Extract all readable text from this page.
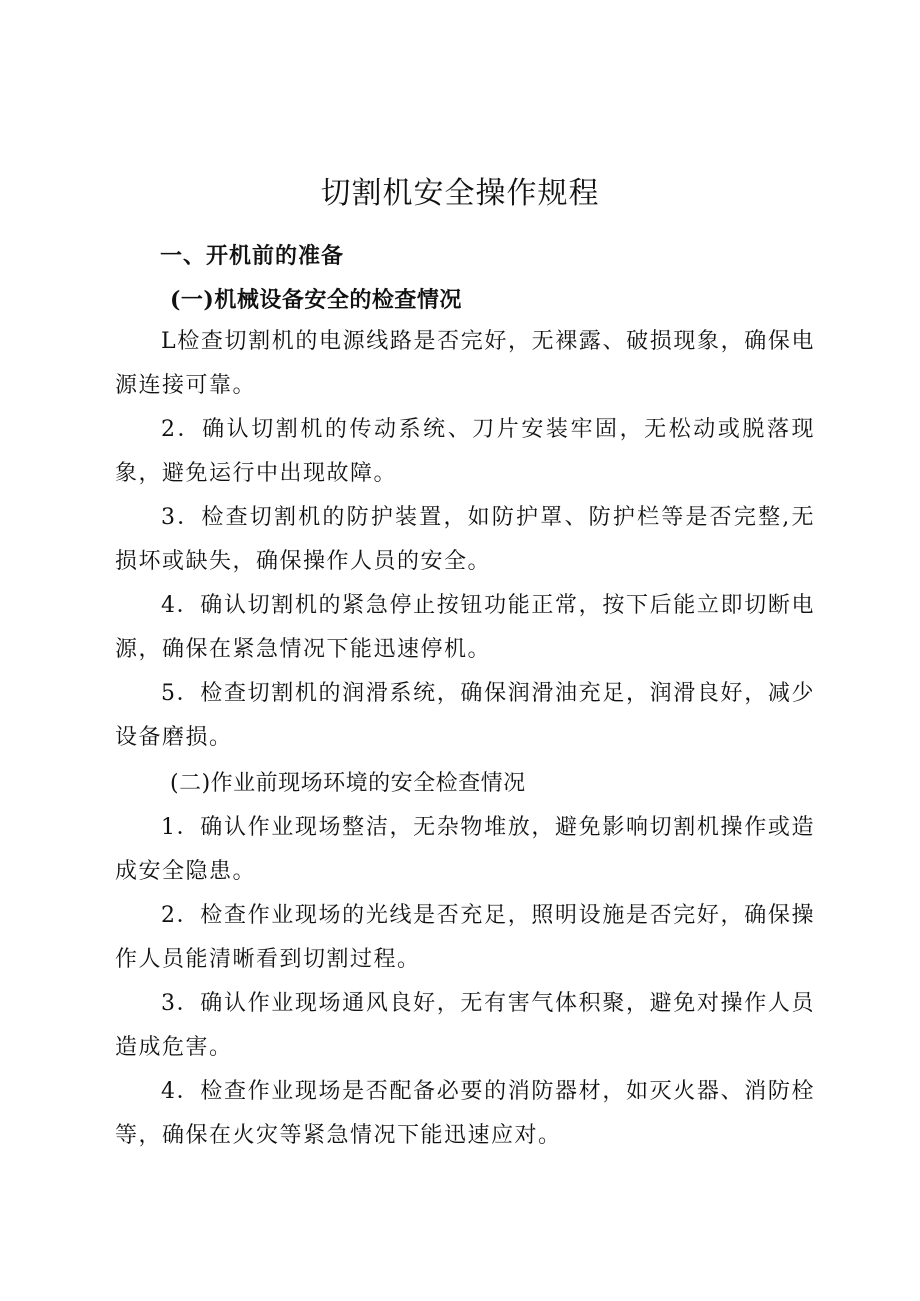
切割机安全操作规程
一、开机前的准备
(一)机械设备安全的检查情况

L检查切割机的电源线路是否完好，无裸露、破损现象，确保电源连接可靠。

2．确认切割机的传动系统、刀片安装牢固，无松动或脱落现象，避免运行中出现故障。

3．检查切割机的防护装置，如防护罩、防护栏等是否完整,无损坏或缺失，确保操作人员的安全。

4．确认切割机的紧急停止按钮功能正常，按下后能立即切断电源，确保在紧急情况下能迅速停机。

5．检查切割机的润滑系统，确保润滑油充足，润滑良好，减少设备磨损。

(二)作业前现场环境的安全检查情况

1．确认作业现场整洁，无杂物堆放，避免影响切割机操作或造成安全隐患。

2．检查作业现场的光线是否充足，照明设施是否完好，确保操作人员能清晰看到切割过程。

3．确认作业现场通风良好，无有害气体积聚，避免对操作人员造成危害。

4．检查作业现场是否配备必要的消防器材，如灭火器、消防栓等，确保在火灾等紧急情况下能迅速应对。
